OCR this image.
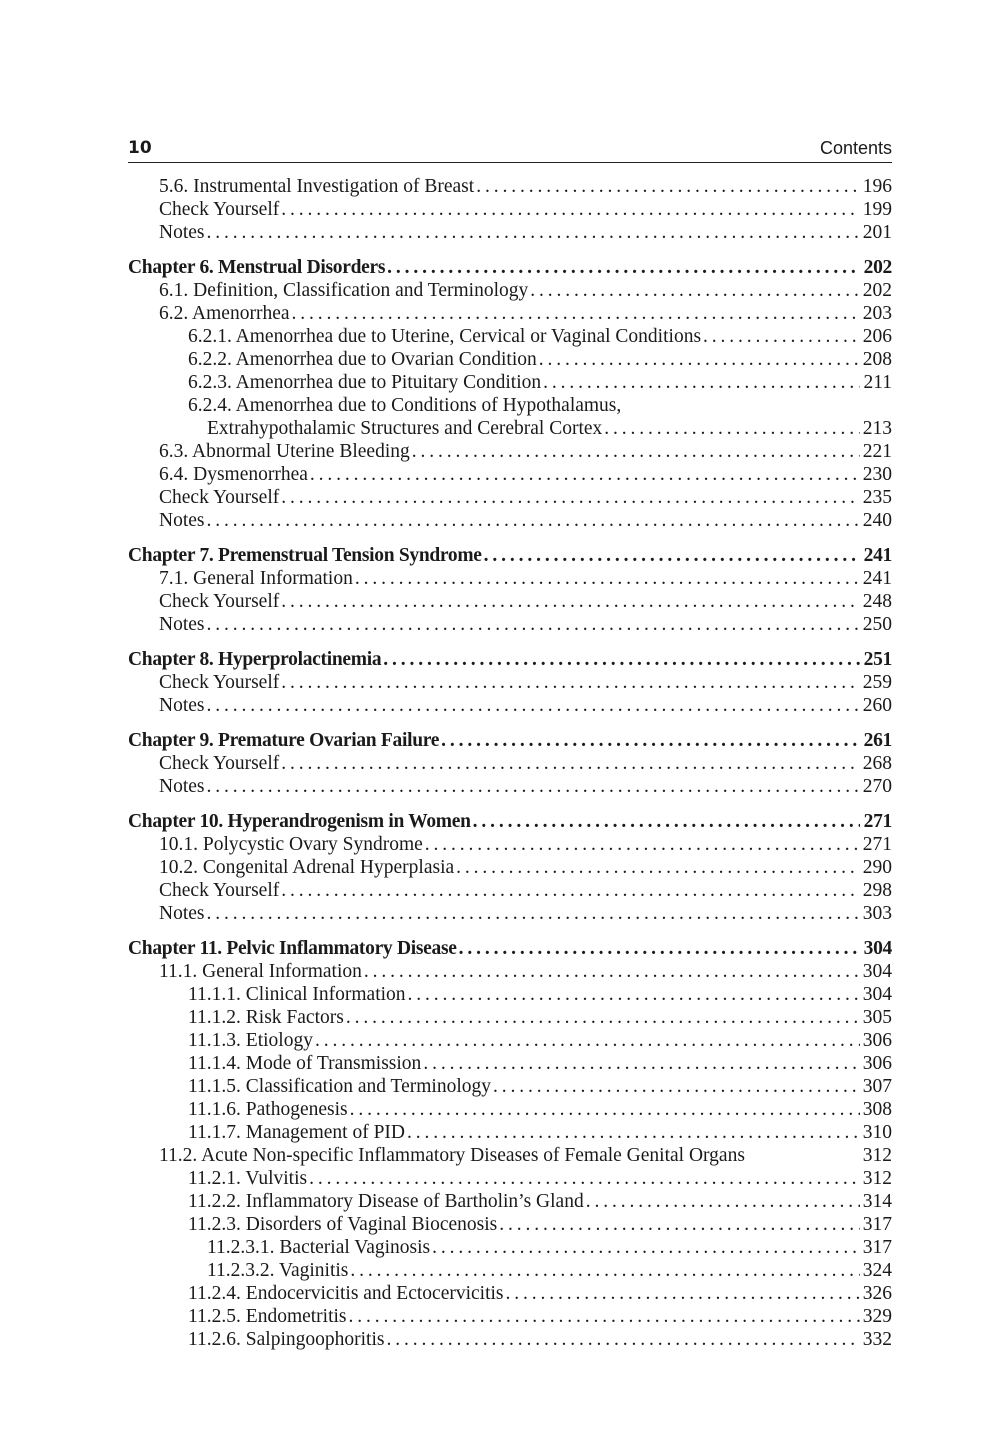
10	Contents
5.6. Instrumental Investigation of Breast . . .	196
Check Yourself . . .	199
Notes . . .	201
Chapter 6. Menstrual Disorders . . .	202
6.1. Definition, Classification and Terminology . . .	202
6.2. Amenorrhea . . .	203
6.2.1. Amenorrhea due to Uterine, Cervical or Vaginal Conditions . . .	206
6.2.2. Amenorrhea due to Ovarian Condition . . .	208
6.2.3. Amenorrhea due to Pituitary Condition . . .	211
6.2.4. Amenorrhea due to Conditions of Hypothalamus,
Extrahypothalamic Structures and Cerebral Cortex . . .	213
6.3. Abnormal Uterine Bleeding . . .	221
6.4. Dysmenorrhea . . .	230
Check Yourself . . .	235
Notes . . .	240
Chapter 7. Premenstrual Tension Syndrome . . .	241
7.1. General Information . . .	241
Check Yourself . . .	248
Notes . . .	250
Chapter 8. Hyperprolactinemia . . .	251
Check Yourself . . .	259
Notes . . .	260
Chapter 9. Premature Ovarian Failure . . .	261
Check Yourself . . .	268
Notes . . .	270
Chapter 10. Hyperandrogenism in Women . . .	271
10.1. Polycystic Ovary Syndrome . . .	271
10.2. Congenital Adrenal Hyperplasia . . .	290
Check Yourself . . .	298
Notes . . .	303
Chapter 11. Pelvic Inflammatory Disease . . .	304
11.1. General Information . . .	304
11.1.1. Clinical Information . . .	304
11.1.2. Risk Factors . . .	305
11.1.3. Etiology . . .	306
11.1.4. Mode of Transmission . . .	306
11.1.5. Classification and Terminology . . .	307
11.1.6. Pathogenesis . . .	308
11.1.7. Management of PID . . .	310
11.2. Acute Non-specific Inflammatory Diseases of Female Genital Organs	312
11.2.1. Vulvitis . . .	312
11.2.2. Inflammatory Disease of Bartholin’s Gland . . .	314
11.2.3. Disorders of Vaginal Biocenosis . . .	317
11.2.3.1. Bacterial Vaginosis . . .	317
11.2.3.2. Vaginitis . . .	324
11.2.4. Endocervicitis and Ectocervicitis . . .	326
11.2.5. Endometritis . . .	329
11.2.6. Salpingoophoritis . . .	332
